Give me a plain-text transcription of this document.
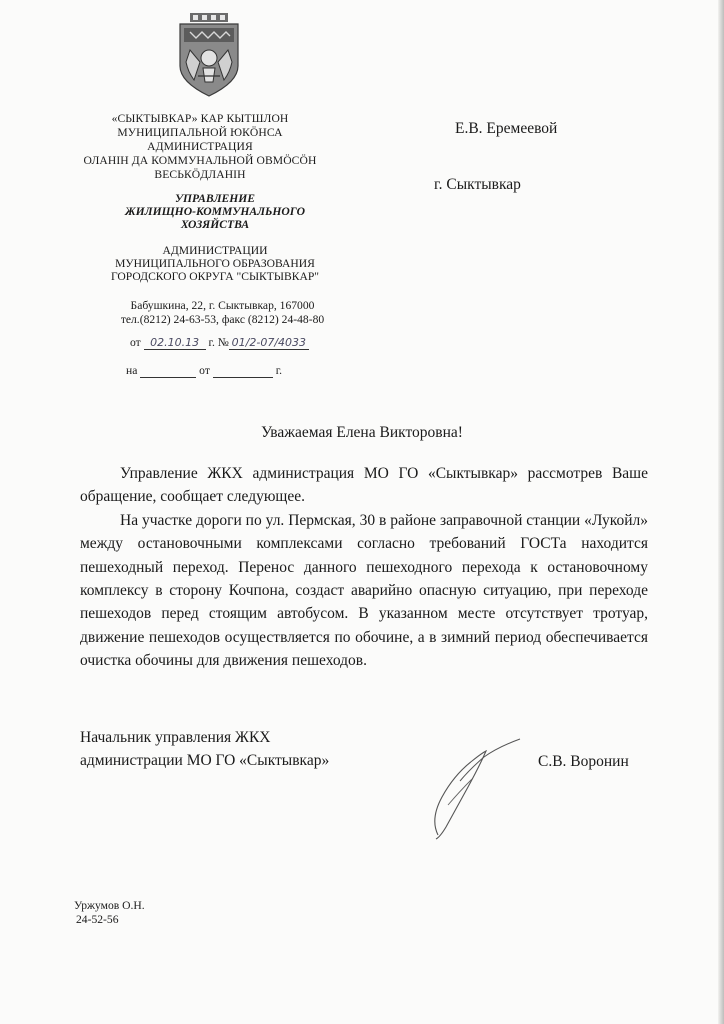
«СЫКТЫВКАР» КАР КЫТШЛОН
МУНИЦИПАЛЬНОЙ ЮКÖНСА
АДМИНИСТРАЦИЯ
ОЛАНIН ДА КОММУНАЛЬНОЙ ОВМÖСÖН
ВЕСЬКÖДЛАНIН
УПРАВЛЕНИЕ
ЖИЛИЩНО-КОММУНАЛЬНОГО
ХОЗЯЙСТВА
АДМИНИСТРАЦИИ
МУНИЦИПАЛЬНОГО ОБРАЗОВАНИЯ
ГОРОДСКОГО ОКРУГА "СЫКТЫВКАР"
Бабушкина, 22, г. Сыктывкар, 167000
тел.(8212) 24-63-53, факс (8212) 24-48-80
от 02.10.13 г. № 01/2-07/4033
на	от	г.
Е.В. Еремеевой
г. Сыктывкар
Уважаемая Елена Викторовна!

Управление ЖКХ администрация МО ГО «Сыктывкар» рассмотрев Ваше обращение, сообщает следующее.

На участке дороги по ул. Пермская, 30 в районе заправочной станции «Лукойл» между остановочными комплексами согласно требований ГОСТа находится пешеходный переход. Перенос данного пешеходного перехода к остановочному комплексу в сторону Кочпона, создаст аварийно опасную ситуацию, при переходе пешеходов перед стоящим автобусом. В указанном месте отсутствует тротуар, движение пешеходов осуществляется по обочине, а в зимний период обеспечивается очистка обочины для движения пешеходов.

Начальник управления ЖКХ
администрации МО ГО «Сыктывкар»	С.В. Воронин
Уржумов О.Н.
24-52-56
